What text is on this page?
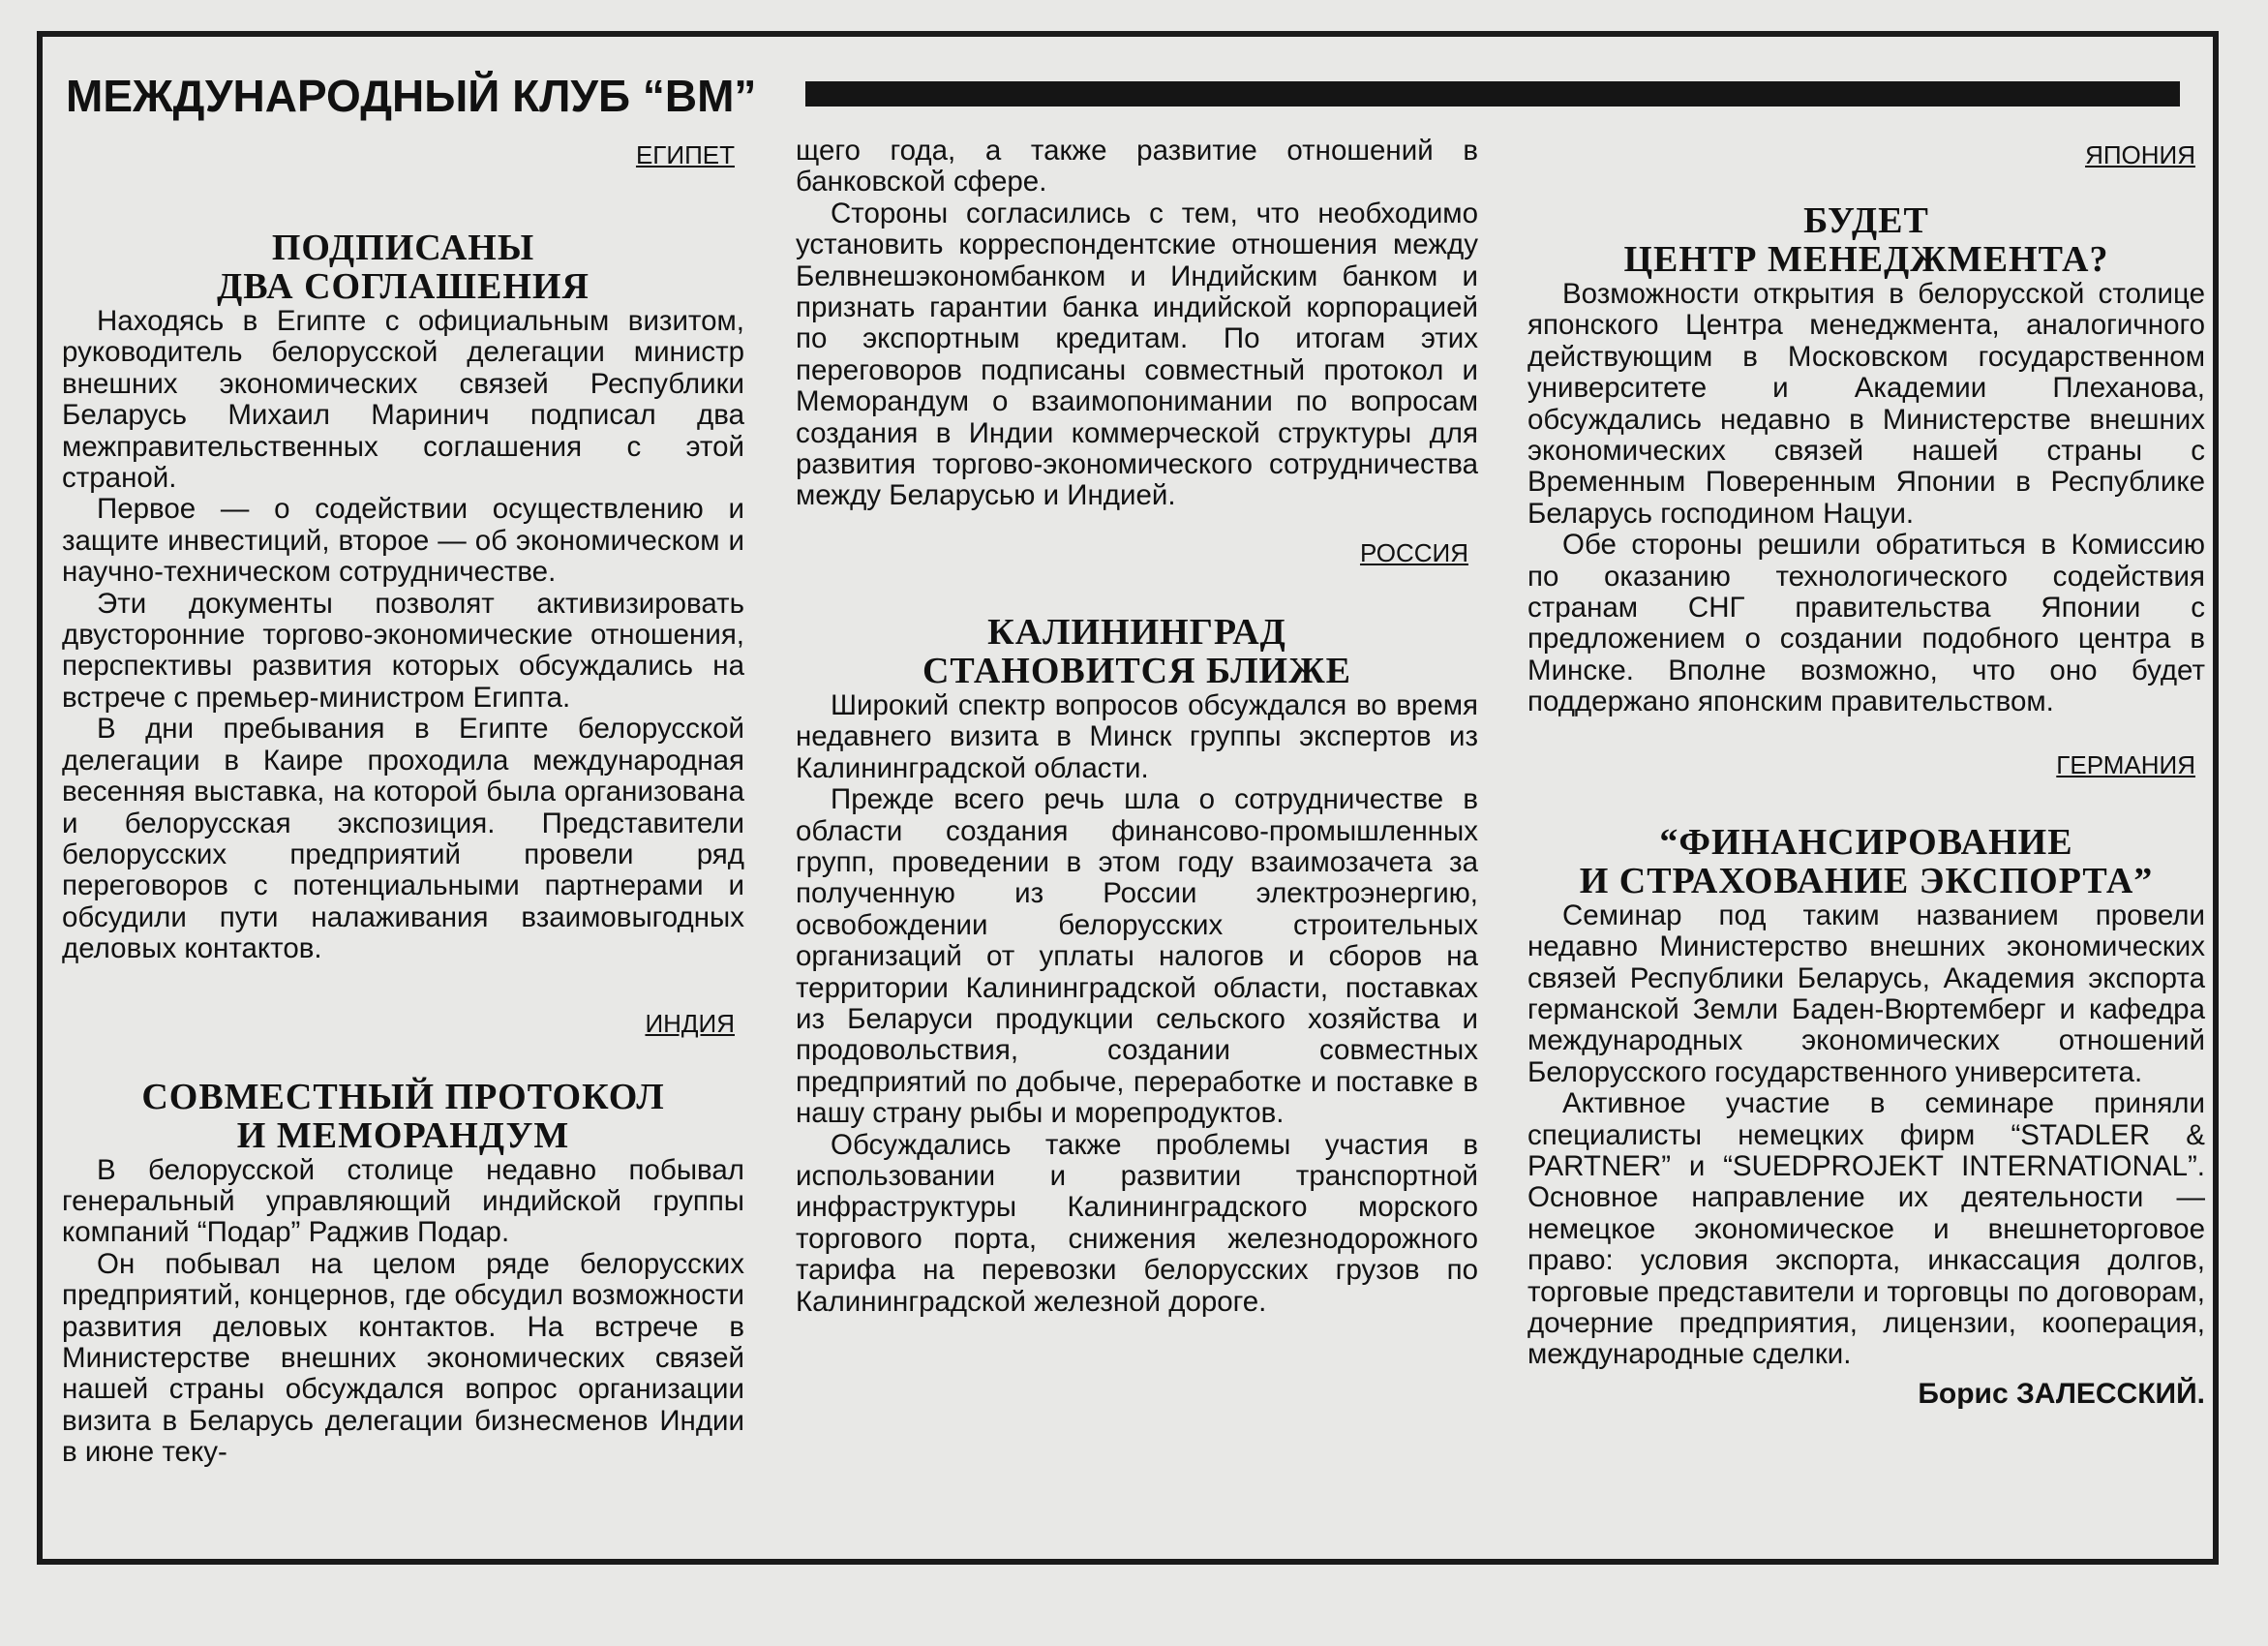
МЕЖДУНАРОДНЫЙ КЛУБ “ВМ”
ЕГИПЕТ
ПОДПИСАНЫ
ДВА СОГЛАШЕНИЯ

Находясь в Египте с официальным визитом, руководитель белорусской делегации министр внешних экономических связей Республики Беларусь Михаил Маринич подписал два межправительственных соглашения с этой страной.

Первое — о содействии осуществлению и защите инвестиций, второе — об экономическом и научно-техническом сотрудничестве.

Эти документы позволят активизировать двусторонние торгово-экономические отношения, перспективы развития которых обсуждались на встрече с премьер-министром Египта.

В дни пребывания в Египте белорусской делегации в Каире проходила международная весенняя выставка, на которой была организована и белорусская экспозиция. Представители белорусских предприятий провели ряд переговоров с потенциальными партнерами и обсудили пути налаживания взаимовыгодных деловых контактов.

ИНДИЯ
СОВМЕСТНЫЙ ПРОТОКОЛ
И МЕМОРАНДУМ

В белорусской столице недавно побывал генеральный управляющий индийской группы компаний “Подар” Раджив Подар.

Он побывал на целом ряде белорусских предприятий, концернов, где обсудил возможности развития деловых контактов. На встрече в Министерстве внешних экономических связей нашей страны обсуждался вопрос организации визита в Беларусь делегации бизнесменов Индии в июне теку-

щего года, а также развитие отношений в банковской сфере.

Стороны согласились с тем, что необходимо установить корреспондентские отношения между Белвнешэкономбанком и Индийским банком и признать гарантии банка индийской корпорацией по экспортным кредитам. По итогам этих переговоров подписаны совместный протокол и Меморандум о взаимопонимании по вопросам создания в Индии коммерческой структуры для развития торгово-экономического сотрудничества между Беларусью и Индией.

РОССИЯ
КАЛИНИНГРАД
СТАНОВИТСЯ БЛИЖЕ

Широкий спектр вопросов обсуждался во время недавнего визита в Минск группы экспертов из Калининградской области.

Прежде всего речь шла о сотрудничестве в области создания финансово-промышленных групп, проведении в этом году взаимозачета за полученную из России электроэнергию, освобождении белорусских строительных организаций от уплаты налогов и сборов на территории Калининградской области, поставках из Беларуси продукции сельского хозяйства и продовольствия, создании совместных предприятий по добыче, переработке и поставке в нашу страну рыбы и морепродуктов.

Обсуждались также проблемы участия в использовании и развитии транспортной инфраструктуры Калининградского морского торгового порта, снижения железнодорожного тарифа на перевозки белорусских грузов по Калининградской железной дороге.

ЯПОНИЯ
БУДЕТ
ЦЕНТР МЕНЕДЖМЕНТА?

Возможности открытия в белорусской столице японского Центра менеджмента, аналогичного действующим в Московском государственном университете и Академии Плеханова, обсуждались недавно в Министерстве внешних экономических связей нашей страны с Временным Поверенным Японии в Республике Беларусь господином Нацуи.

Обе стороны решили обратиться в Комиссию по оказанию технологического содействия странам СНГ правительства Японии с предложением о создании подобного центра в Минске. Вполне возможно, что оно будет поддержано японским правительством.

ГЕРМАНИЯ
“ФИНАНСИРОВАНИЕ
И СТРАХОВАНИЕ ЭКСПОРТА”

Семинар под таким названием провели недавно Министерство внешних экономических связей Республики Беларусь, Академия экспорта германской Земли Баден-Вюртемберг и кафедра международных экономических отношений Белорусского государственного университета.

Активное участие в семинаре приняли специалисты немецких фирм “STADLER & PARTNER” и “SUEDPROJEKT INTERNATIONAL”. Основное направление их деятельности — немецкое экономическое и внешнеторговое право: условия экспорта, инкассация долгов, торговые представители и торговцы по договорам, дочерние предприятия, лицензии, кооперация, международные сделки.

Борис ЗАЛЕССКИЙ.
